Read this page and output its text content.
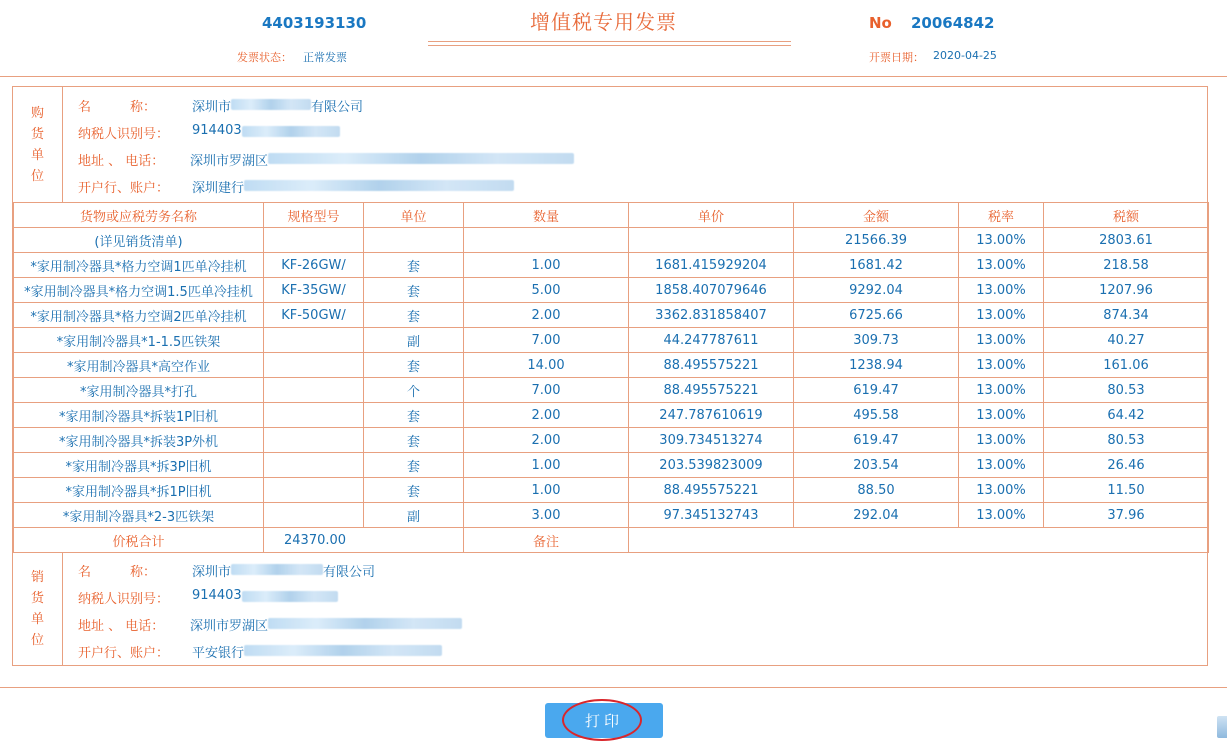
4403193130	增值税专用发票	No 20064842
发票状态： 正常发票	开票日期： 2020-04-25
购
货
单
位
名　　　称：	深圳市	有限公司
纳税人识别号：	914403
地址 、 电话：	深圳市罗湖区
开户行、账户：	深圳建行
货物或应税劳务名称	规格型号	单位	数量	单价	金额	税率	税额
(详见销货清单)					21566.39	13.00%	2803.61
*家用制冷器具*格力空调1匹单冷挂机	KF-26GW/	套	1.00	1681.415929204	1681.42	13.00%	218.58
*家用制冷器具*格力空调1.5匹单冷挂机	KF-35GW/	套	5.00	1858.407079646	9292.04	13.00%	1207.96
*家用制冷器具*格力空调2匹单冷挂机	KF-50GW/	套	2.00	3362.831858407	6725.66	13.00%	874.34
*家用制冷器具*1-1.5匹铁架		副	7.00	44.247787611	309.73	13.00%	40.27
*家用制冷器具*高空作业		套	14.00	88.495575221	1238.94	13.00%	161.06
*家用制冷器具*打孔		个	7.00	88.495575221	619.47	13.00%	80.53
*家用制冷器具*拆装1P旧机		套	2.00	247.787610619	495.58	13.00%	64.42
*家用制冷器具*拆装3P外机		套	2.00	309.734513274	619.47	13.00%	80.53
*家用制冷器具*拆3P旧机		套	1.00	203.539823009	203.54	13.00%	26.46
*家用制冷器具*拆1P旧机		套	1.00	88.495575221	88.50	13.00%	11.50
*家用制冷器具*2-3匹铁架		副	3.00	97.345132743	292.04	13.00%	37.96
价税合计	24370.00		备注				
销
货
单
位
名　　　称：	深圳市	有限公司
纳税人识别号：	914403
地址 、 电话：	深圳市罗湖区
开户行、账户：	平安银行
打印
